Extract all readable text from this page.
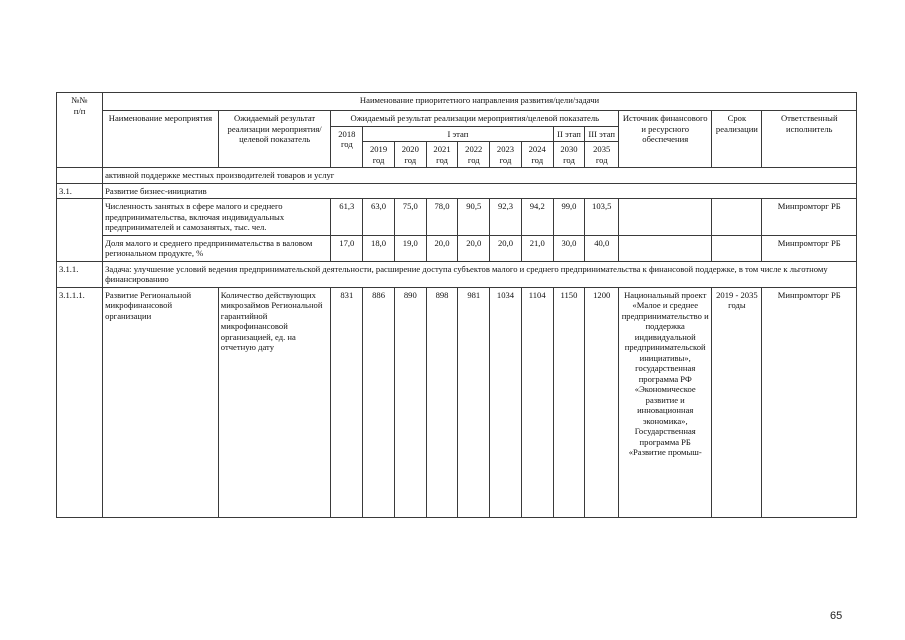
№№
п/п	Наименование приоритетного направления развития/цели/задачи													
	Наименование мероприятия	Ожидаемый результат реализации мероприятия/целевой показатель	Ожидаемый результат реализации мероприятия/целевой показатель									Источник финансового и ресурсного обеспечения	Срок реализации	Ответственный исполнитель
			2018 год	I этап						II этап	III этап			
				2019 год	2020 год	2021 год	2022 год	2023 год	2024 год	2030 год	2035 год			
	активной поддержке местных производителей товаров и услуг													
3.1.	Развитие бизнес-инициатив													
	Численность занятых в сфере малого и среднего предпринимательства, включая индивидуальных предпринимателей и самозанятых, тыс. чел.		61,3	63,0	75,0	78,0	90,5	92,3	94,2	99,0	103,5			Минпромторг РБ
	Доля малого и среднего предпринимательства в валовом региональном продукте, %		17,0	18,0	19,0	20,0	20,0	20,0	21,0	30,0	40,0			Минпромторг РБ
3.1.1.	Задача: улучшение условий ведения предпринимательской деятельности, расширение доступа субъектов малого и среднего предпринимательства к финансовой поддержке, в том числе к льготному финансированию													
3.1.1.1.	Развитие Региональной микрофинансовой организации	Количество действующих микрозаймов Региональной гарантийной микрофинансовой организацией, ед. на отчетную дату	831	886	890	898	981	1034	1104	1150	1200	Национальный проект «Малое и среднее предпринимательство и поддержка индивидуальной предпринимательской инициативы», государственная программа РФ «Экономическое развитие и инновационная экономика», Государственная программа РБ «Развитие промыш-	2019 - 2035 годы	Минпромторг РБ
65
